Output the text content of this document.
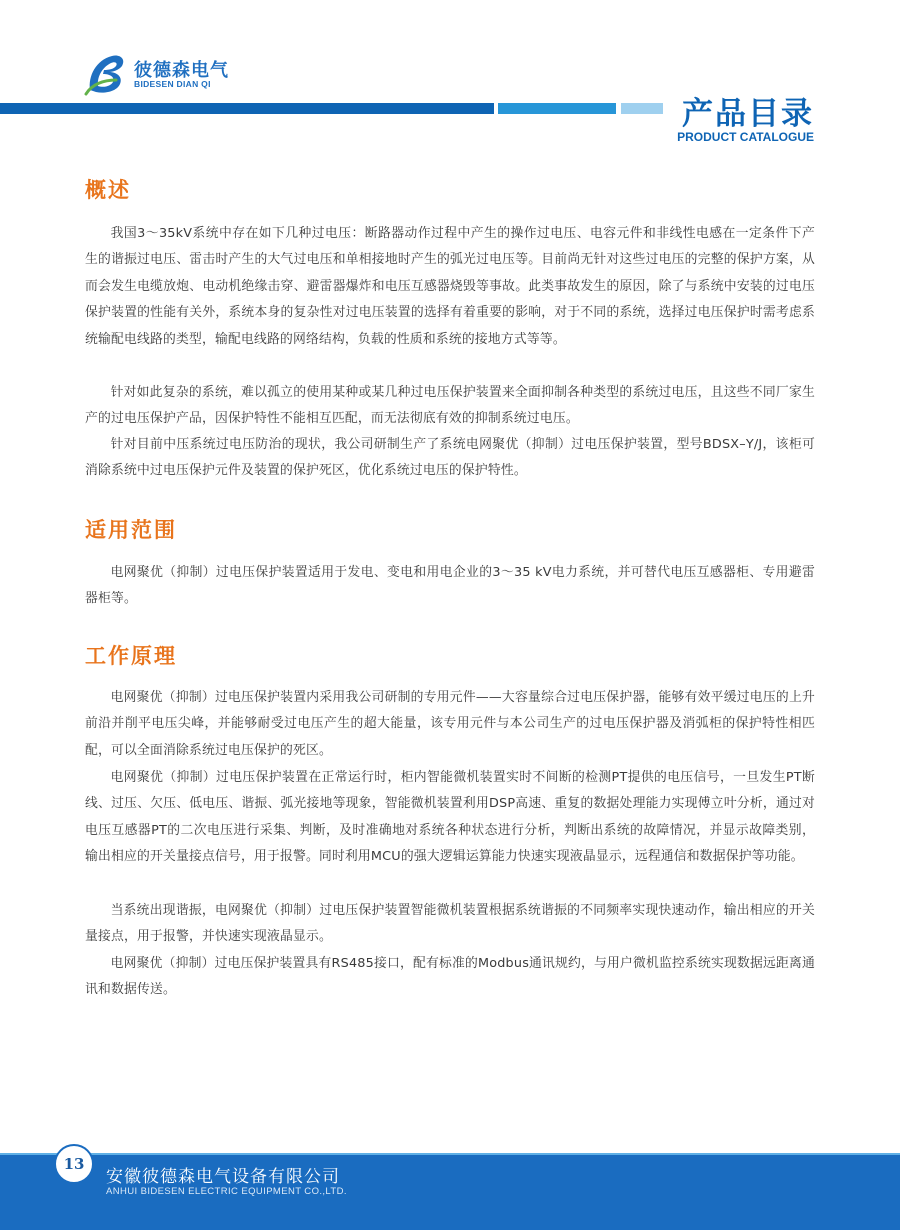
彼德森电气
BIDESEN DIAN QI
产品目录
PRODUCT CATALOGUE
概述

我国3～35kV系统中存在如下几种过电压：断路器动作过程中产生的操作过电压、电容元件和非线性电感在一定条件下产生的谐振过电压、雷击时产生的大气过电压和单相接地时产生的弧光过电压等。目前尚无针对这些过电压的完整的保护方案，从而会发生电缆放炮、电动机绝缘击穿、避雷器爆炸和电压互感器烧毁等事故。此类事故发生的原因，除了与系统中安装的过电压保护装置的性能有关外，系统本身的复杂性对过电压装置的选择有着重要的影响，对于不同的系统，选择过电压保护时需考虑系统输配电线路的类型，输配电线路的网络结构，负载的性质和系统的接地方式等等。

针对如此复杂的系统，难以孤立的使用某种或某几种过电压保护装置来全面抑制各种类型的系统过电压，且这些不同厂家生产的过电压保护产品，因保护特性不能相互匹配，而无法彻底有效的抑制系统过电压。

针对目前中压系统过电压防治的现状，我公司研制生产了系统电网聚优（抑制）过电压保护装置，型号BDSX–Y/J，该柜可消除系统中过电压保护元件及装置的保护死区，优化系统过电压的保护特性。

适用范围

电网聚优（抑制）过电压保护装置适用于发电、变电和用电企业的3～35 kV电力系统，并可替代电压互感器柜、专用避雷器柜等。

工作原理

电网聚优（抑制）过电压保护装置内采用我公司研制的专用元件——大容量综合过电压保护器，能够有效平缓过电压的上升前沿并削平电压尖峰，并能够耐受过电压产生的超大能量，该专用元件与本公司生产的过电压保护器及消弧柜的保护特性相匹配，可以全面消除系统过电压保护的死区。

电网聚优（抑制）过电压保护装置在正常运行时，柜内智能微机装置实时不间断的检测PT提供的电压信号，一旦发生PT断线、过压、欠压、低电压、谐振、弧光接地等现象，智能微机装置利用DSP高速、重复的数据处理能力实现傅立叶分析，通过对电压互感器PT的二次电压进行采集、判断，及时准确地对系统各种状态进行分析，判断出系统的故障情况，并显示故障类别，输出相应的开关量接点信号，用于报警。同时利用MCU的强大逻辑运算能力快速实现液晶显示，远程通信和数据保护等功能。

当系统出现谐振，电网聚优（抑制）过电压保护装置智能微机装置根据系统谐振的不同频率实现快速动作，输出相应的开关量接点，用于报警，并快速实现液晶显示。

电网聚优（抑制）过电压保护装置具有RS485接口，配有标准的Modbus通讯规约，与用户微机监控系统实现数据远距离通讯和数据传送。

13
安徽彼德森电气设备有限公司
ANHUI BIDESEN ELECTRIC EQUIPMENT CO.,LTD.
